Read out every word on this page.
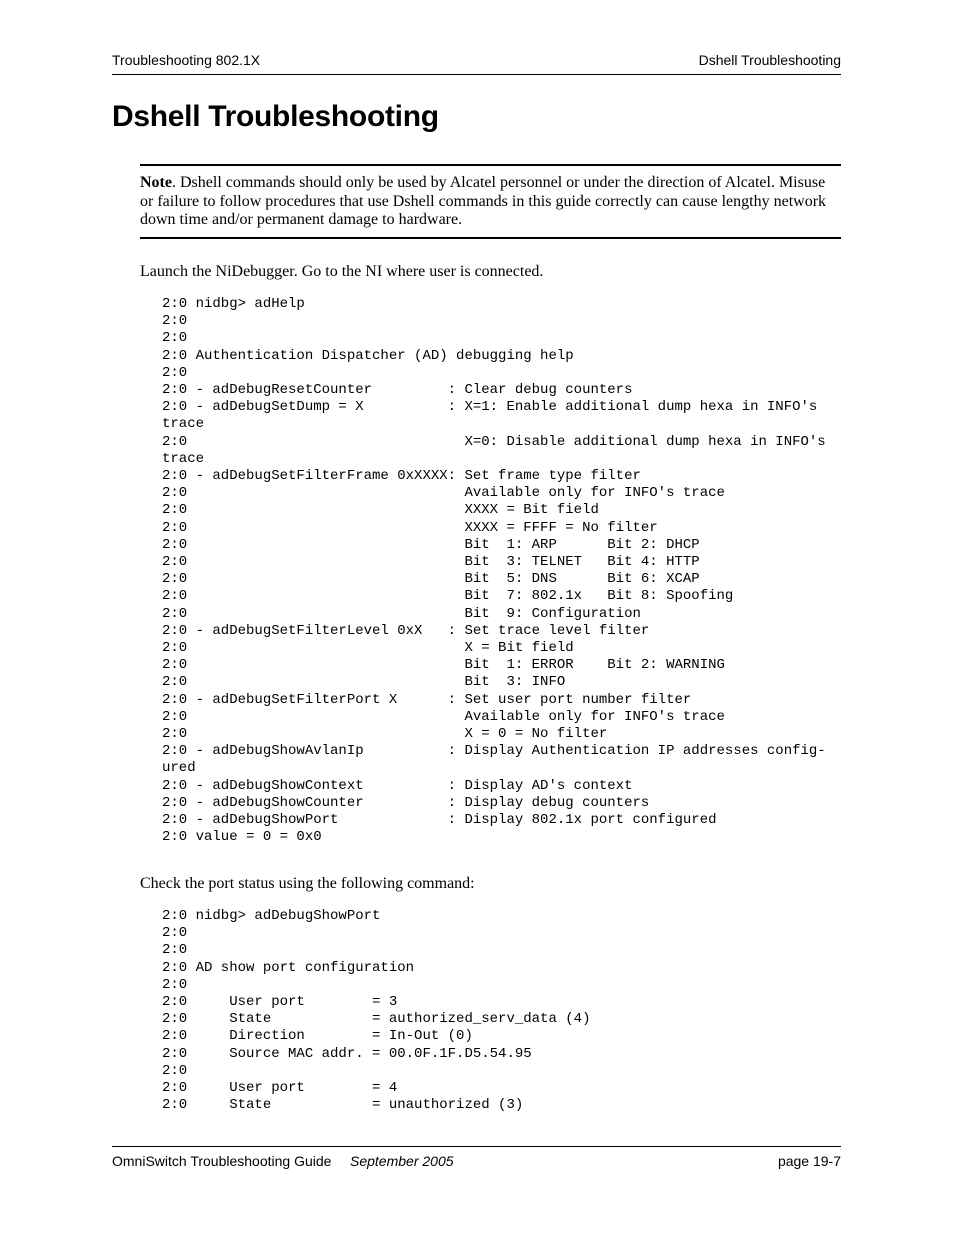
Troubleshooting 802.1X	Dshell Troubleshooting
Dshell Troubleshooting
Note. Dshell commands should only be used by Alcatel personnel or under the direction of Alcatel. Misuse or failure to follow procedures that use Dshell commands in this guide correctly can cause lengthy network down time and/or permanent damage to hardware.
Launch the NiDebugger. Go to the NI where user is connected.
2:0 nidbg> adHelp
2:0
2:0
2:0 Authentication Dispatcher (AD) debugging help
2:0
2:0 - adDebugResetCounter         : Clear debug counters
2:0 - adDebugSetDump = X          : X=1: Enable additional dump hexa in INFO's
trace
2:0                                 X=0: Disable additional dump hexa in INFO's
trace
2:0 - adDebugSetFilterFrame 0xXXXX: Set frame type filter
2:0                                 Available only for INFO's trace
2:0                                 XXXX = Bit field
2:0                                 XXXX = FFFF = No filter
2:0                                 Bit  1: ARP      Bit 2: DHCP
2:0                                 Bit  3: TELNET   Bit 4: HTTP
2:0                                 Bit  5: DNS      Bit 6: XCAP
2:0                                 Bit  7: 802.1x   Bit 8: Spoofing
2:0                                 Bit  9: Configuration
2:0 - adDebugSetFilterLevel 0xX   : Set trace level filter
2:0                                 X = Bit field
2:0                                 Bit  1: ERROR    Bit 2: WARNING
2:0                                 Bit  3: INFO
2:0 - adDebugSetFilterPort X      : Set user port number filter
2:0                                 Available only for INFO's trace
2:0                                 X = 0 = No filter
2:0 - adDebugShowAvlanIp          : Display Authentication IP addresses config-
ured
2:0 - adDebugShowContext          : Display AD's context
2:0 - adDebugShowCounter          : Display debug counters
2:0 - adDebugShowPort             : Display 802.1x port configured
2:0 value = 0 = 0x0
Check the port status using the following command:
2:0 nidbg> adDebugShowPort
2:0
2:0
2:0 AD show port configuration
2:0
2:0     User port        = 3
2:0     State            = authorized_serv_data (4)
2:0     Direction        = In-Out (0)
2:0     Source MAC addr. = 00.0F.1F.D5.54.95
2:0
2:0     User port        = 4
2:0     State            = unauthorized (3)
OmniSwitch Troubleshooting Guide September 2005	page 19-7
